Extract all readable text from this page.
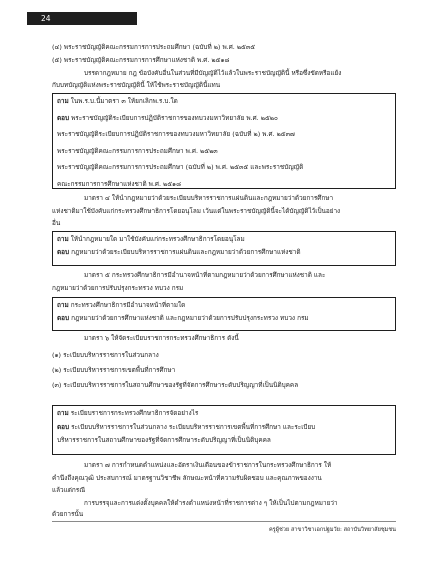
24
(๔) พระราชบัญญัติคณะกรรมการการประถมศึกษา (ฉบับที่ ๒) พ.ศ. ๒๕๓๕
(๕) พระราชบัญญัติคณะกรรมการการศึกษาแห่งชาติ พ.ศ. ๒๕๑๘
บรรดากฎหมาย กฎ ข้อบังคับอื่นในส่วนที่มีบัญญัติไว้แล้วในพระราชบัญญัตินี้ หรือซึ่งขัดหรือแย้ง
กับบทบัญญัติแห่งพระราชบัญญัตินี้ ให้ใช้พระราชบัญญัตินี้แทน
ถาม ในพ.ร.บ.นี้มาตรา ๓ ให้ยกเลิกพ.ร.บ.ใด
ตอบ พระราชบัญญัติระเบียบการปฏิบัติราชการของทบวงมหาวิทยาลัย พ.ศ. ๒๕๒๐
พระราชบัญญัติระเบียบการปฏิบัติราชการของทบวงมหาวิทยาลัย (ฉบับที่ ๒) พ.ศ. ๒๕๓๗
พระราชบัญญัติคณะกรรมการการประถมศึกษา พ.ศ. ๒๕๒๓
พระราชบัญญัติคณะกรรมการการประถมศึกษา (ฉบับที่ ๒) พ.ศ. ๒๕๓๕ และพระราชบัญญัติ
คณะกรรมการการศึกษาแห่งชาติ พ.ศ. ๒๕๑๘
มาตรา ๔ ให้นำกฎหมายว่าด้วยระเบียบบริหารราชการแผ่นดินและกฎหมายว่าด้วยการศึกษา
แห่งชาติมาใช้บังคับแก่กระทรวงศึกษาธิการโดยอนุโลม เว้นแต่ในพระราชบัญญัตินี้จะได้บัญญัติไว้เป็นอย่าง
อื่น
ถาม ให้นำกฎหมายใด มาใช้บังคับแก่กระทรวงศึกษาธิการโดยอนุโลม
ตอบ กฎหมายว่าด้วยระเบียบบริหารราชการแผ่นดินและกฎหมายว่าด้วยการศึกษาแห่งชาติ
มาตรา ๕ กระทรวงศึกษาธิการมีอำนาจหน้าที่ตามกฎหมายว่าด้วยการศึกษาแห่งชาติ และ
กฎหมายว่าด้วยการปรับปรุงกระทรวง ทบวง กรม
ถาม กระทรวงศึกษาธิการมีอำนาจหน้าที่ตามใด
ตอบ กฎหมายว่าด้วยการศึกษาแห่งชาติ และกฎหมายว่าด้วยการปรับปรุงกระทรวง ทบวง กรม
มาตรา ๖ ให้จัดระเบียบราชการกระทรวงศึกษาธิการ ดังนี้
(๑) ระเบียบบริหารราชการในส่วนกลาง
(๒) ระเบียบบริหารราชการเขตพื้นที่การศึกษา
(๓) ระเบียบบริหารราชการในสถานศึกษาของรัฐที่จัดการศึกษาระดับปริญญาที่เป็นนิติบุคคล
ถาม ระเบียบราชการกระทรวงศึกษาธิการจัดอย่างไร
ตอบ ระเบียบบริหารราชการในส่วนกลาง ระเบียบบริหารราชการเขตพื้นที่การศึกษา และระเบียบ
บริหารราชการในสถานศึกษาของรัฐที่จัดการศึกษาระดับปริญญาที่เป็นนิติบุคคล
มาตรา ๗ การกำหนดตำแหน่งและอัตราเงินเดือนของข้าราชการในกระทรวงศึกษาธิการ ให้
คำนึงถึงคุณวุฒิ ประสบการณ์ มาตรฐานวิชาชีพ ลักษณะหน้าที่ความรับผิดชอบ และคุณภาพของงาน
แล้วแต่กรณี
การบรรจุและการแต่งตั้งบุคคลให้ดำรงตำแหน่งหน้าที่ราชการต่าง ๆ ให้เป็นไปตามกฎหมายว่า
ด้วยการนั้น
ครูผู้ช่วย สาขาวิชาเอกปฐมวัย: สถาบันวิทยาลัยชุมชน
